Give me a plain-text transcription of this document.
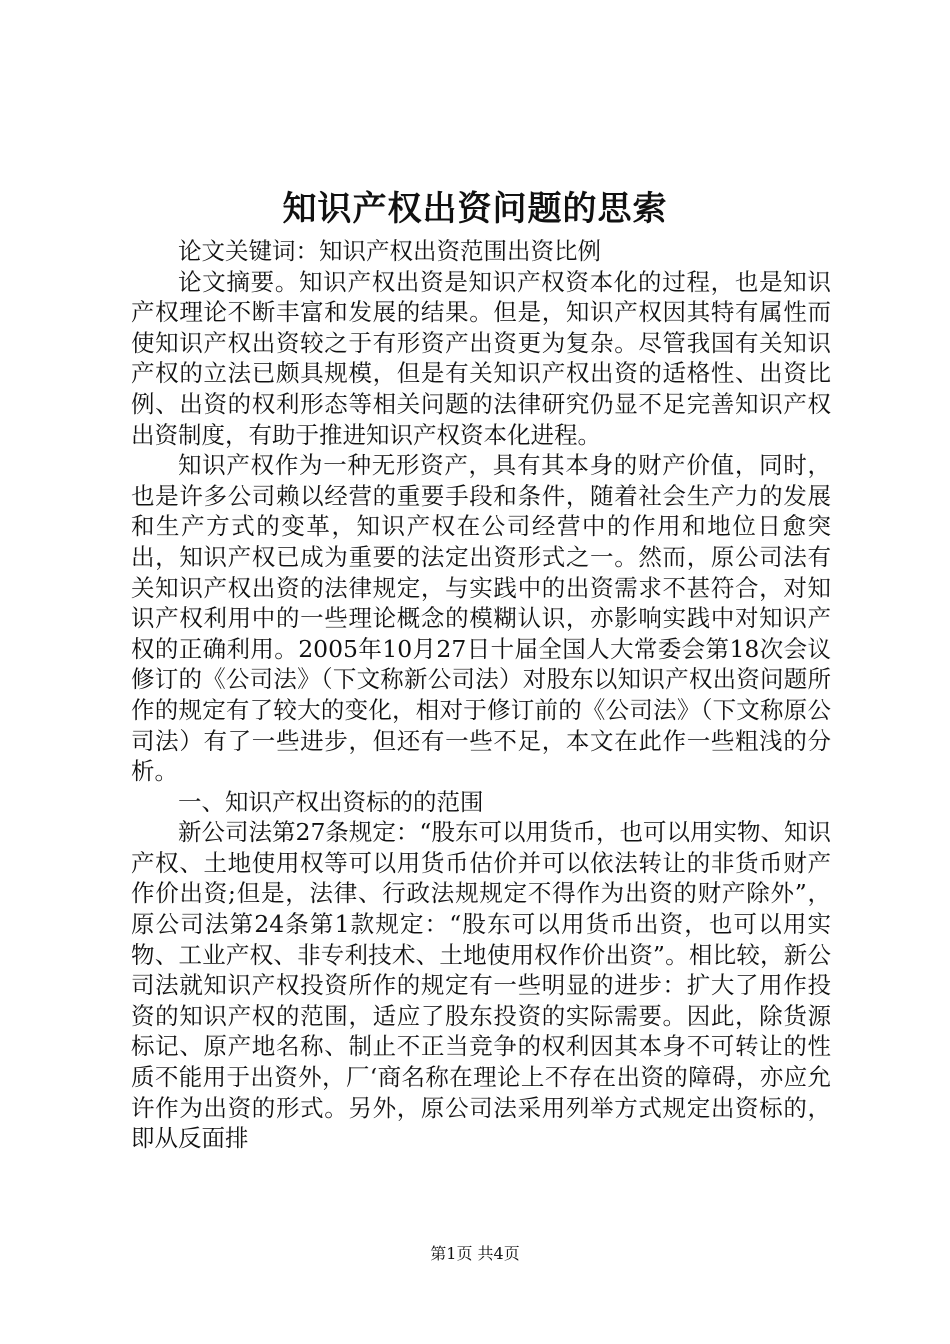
知识产权出资问题的思索

论文关键词：知识产权出资范围出资比例

论文摘要。知识产权出资是知识产权资本化的过程，也是知识产权理论不断丰富和发展的结果。但是，知识产权因其特有属性而使知识产权出资较之于有形资产出资更为复杂。尽管我国有关知识产权的立法已颇具规模，但是有关知识产权出资的适格性、出资比例、出资的权利形态等相关问题的法律研究仍显不足完善知识产权出资制度，有助于推进知识产权资本化进程。

知识产权作为一种无形资产，具有其本身的财产价值，同时，也是许多公司赖以经营的重要手段和条件，随着社会生产力的发展和生产方式的变革，知识产权在公司经营中的作用和地位日愈突出，知识产权已成为重要的法定出资形式之一。然而，原公司法有关知识产权出资的法律规定，与实践中的出资需求不甚符合，对知识产权利用中的一些理论概念的模糊认识，亦影响实践中对知识产权的正确利用。2005年10月27日十届全国人大常委会第18次会议修订的《公司法》（下文称新公司法）对股东以知识产权出资问题所作的规定有了较大的变化，相对于修订前的《公司法》（下文称原公司法）有了一些进步，但还有一些不足，本文在此作一些粗浅的分析。

一、知识产权出资标的的范围

新公司法第27条规定：“股东可以用货币，也可以用实物、知识产权、土地使用权等可以用货币估价并可以依法转让的非货币财产作价出资;但是，法律、行政法规规定不得作为出资的财产除外”，原公司法第24条第1款规定：“股东可以用货币出资，也可以用实物、工业产权、非专利技术、土地使用权作价出资”。相比较，新公司法就知识产权投资所作的规定有一些明显的进步：扩大了用作投资的知识产权的范围，适应了股东投资的实际需要。因此，除货源标记、原产地名称、制止不正当竞争的权利因其本身不可转让的性质不能用于出资外，厂‘商名称在理论上不存在出资的障碍，亦应允许作为出资的形式。另外，原公司法采用列举方式规定出资标的，即从反面排

第1页 共4页
